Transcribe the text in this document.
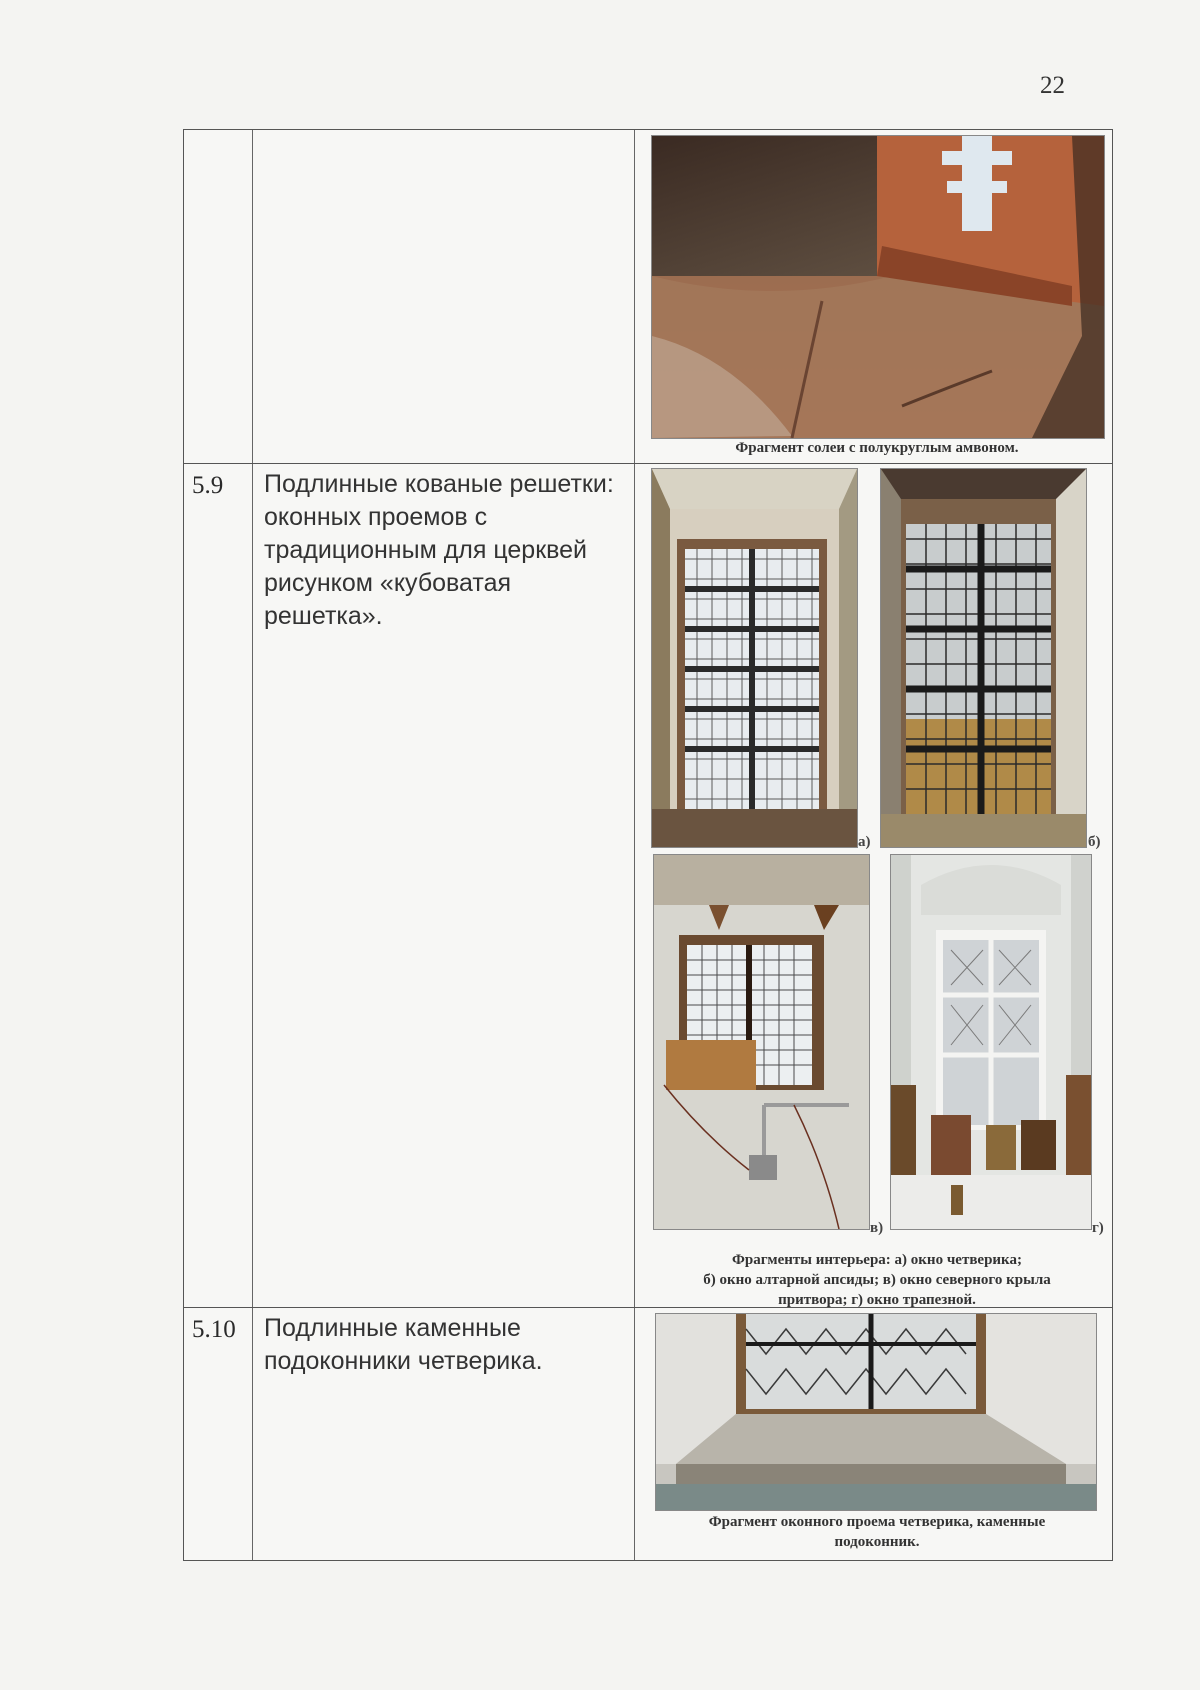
22
Фрагмент солеи с полукруглым амвоном.
5.9 Подлинные кованые решетки: оконных проемов с традиционным для церквей рисунком «кубоватая решетка».
а)	б)
в)	г)
Фрагменты интерьера: а) окно четверика;
б) окно алтарной апсиды; в) окно северного крыла
притвора; г) окно трапезной.
5.10 Подлинные каменные подоконники четверика.
Фрагмент оконного проема четверика, каменные
подоконник.
